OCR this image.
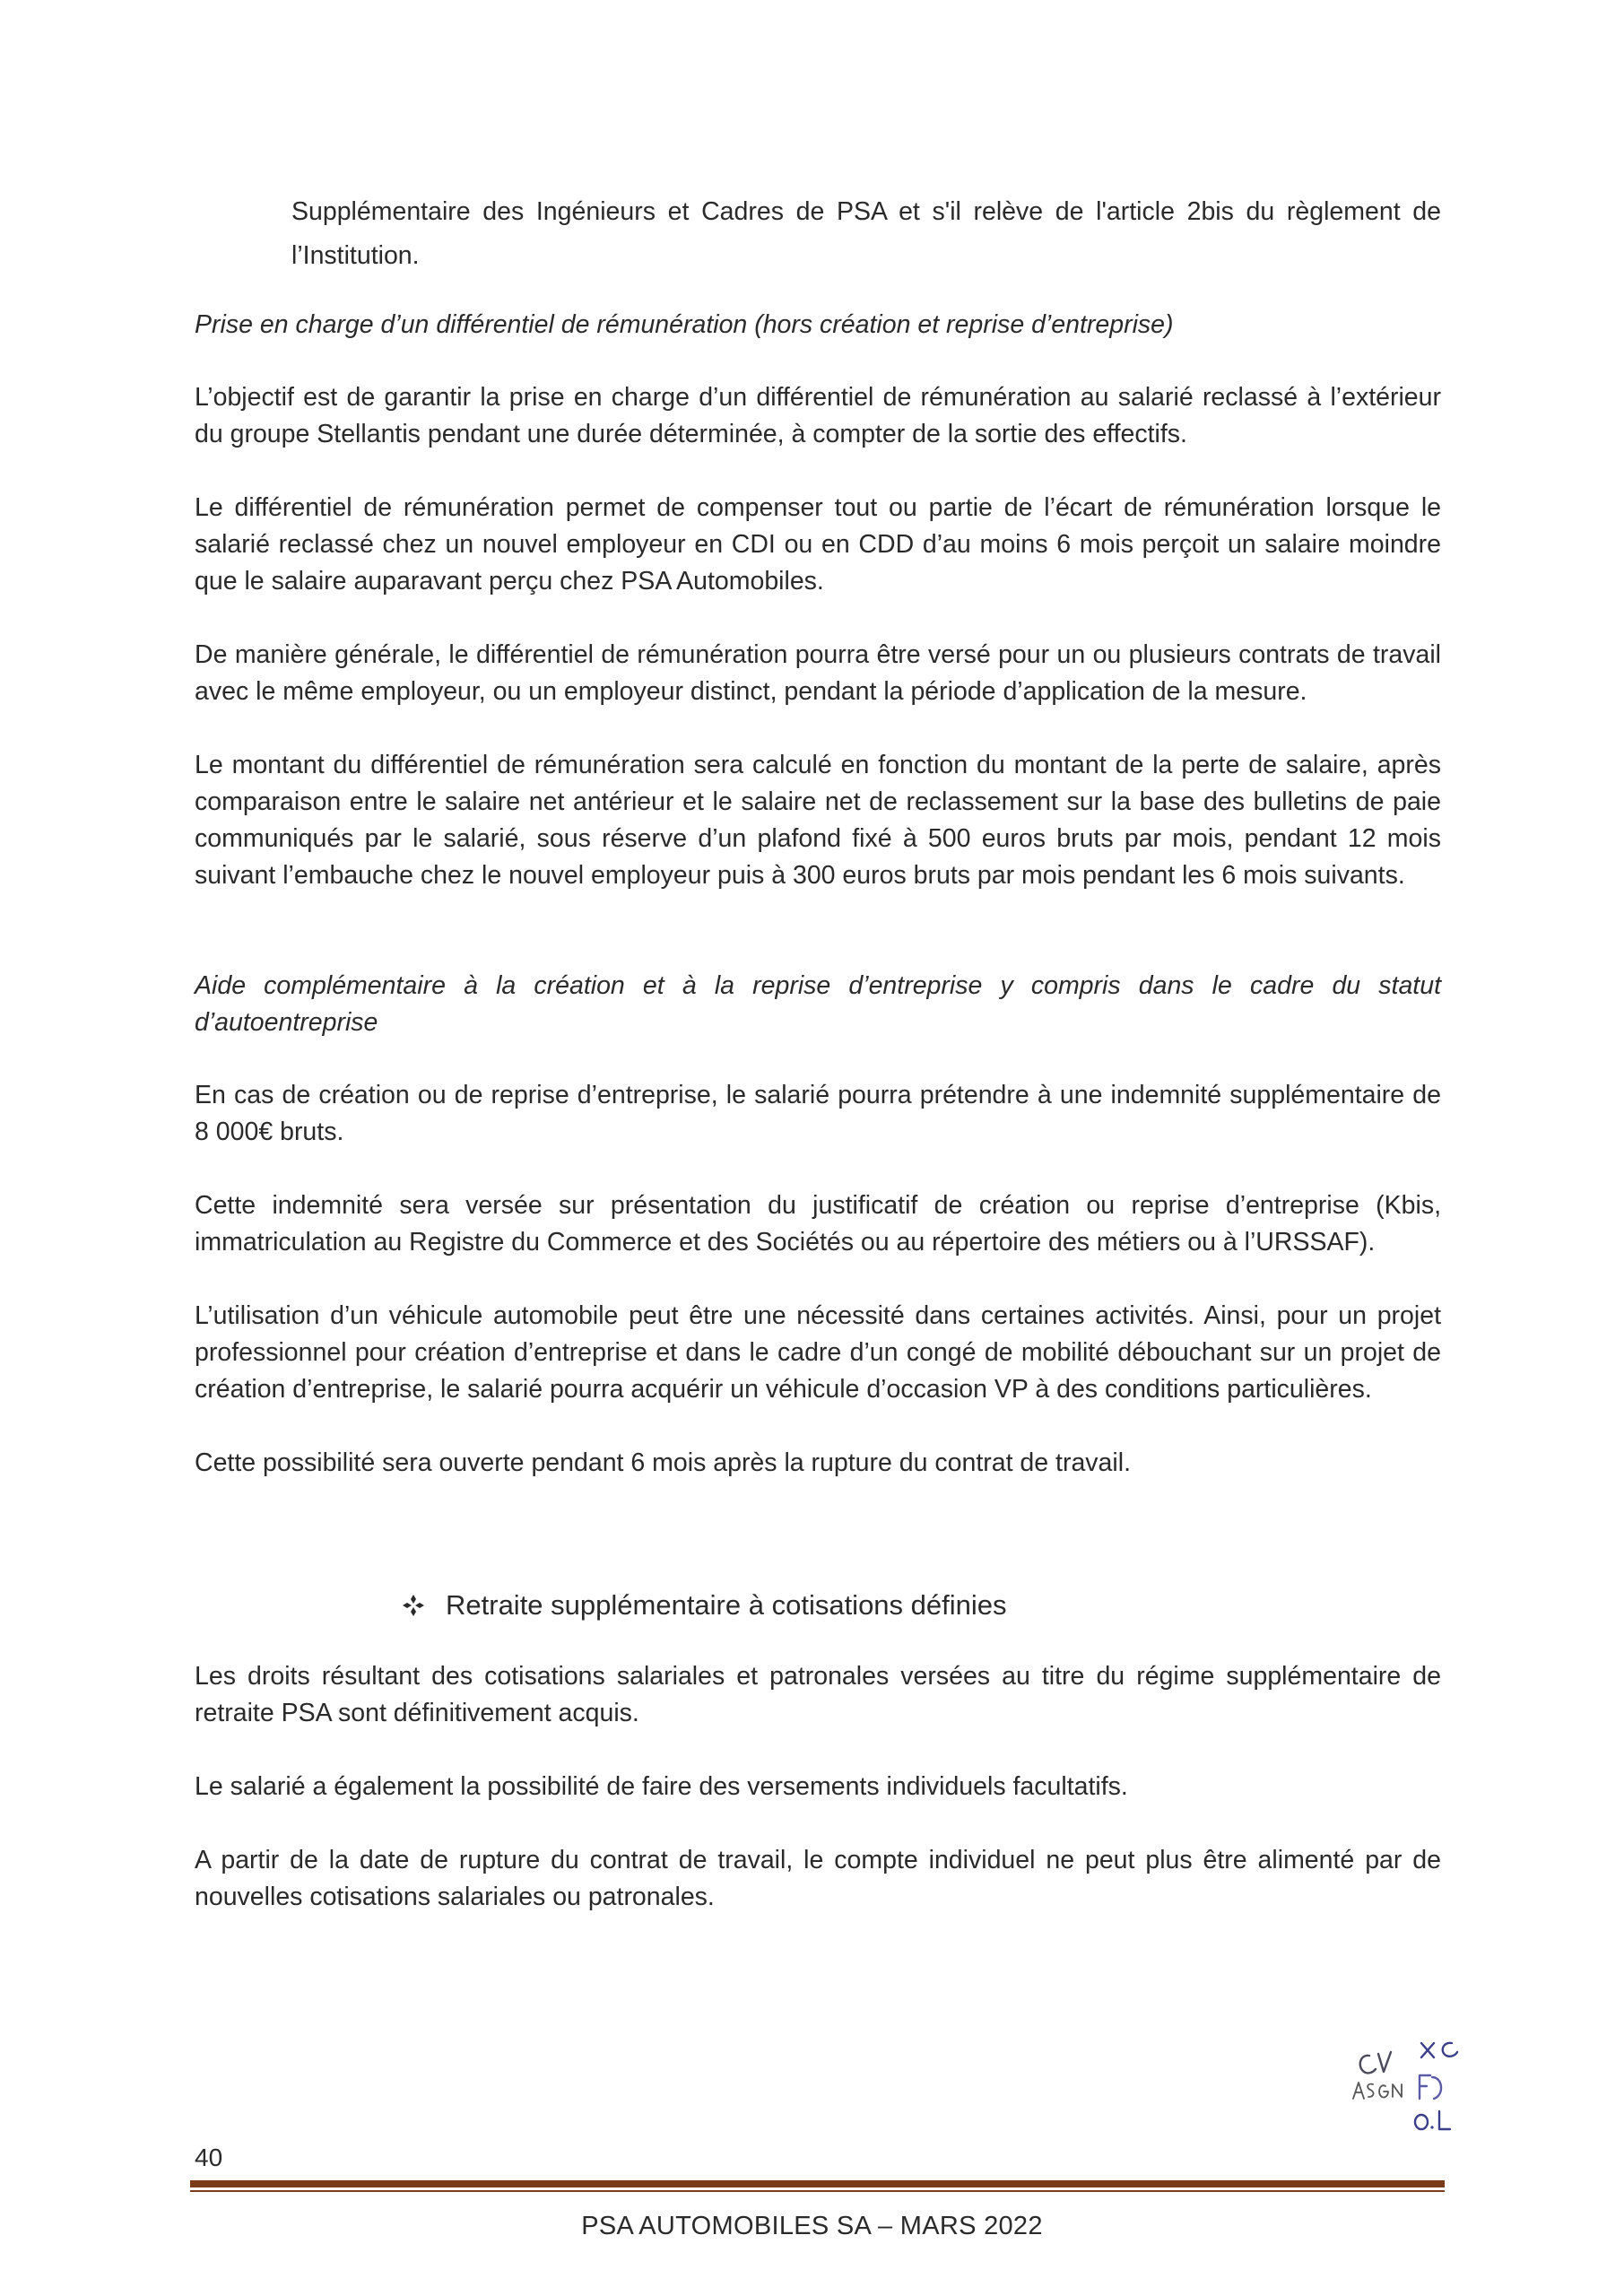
Supplémentaire des Ingénieurs et Cadres de PSA et s'il relève de l'article 2bis du règlement de l’Institution.

Prise en charge d’un différentiel de rémunération (hors création et reprise d’entreprise)

L’objectif est de garantir la prise en charge d’un différentiel de rémunération au salarié reclassé à l’extérieur du groupe Stellantis pendant une durée déterminée, à compter de la sortie des effectifs.

Le différentiel de rémunération permet de compenser tout ou partie de l’écart de rémunération lorsque le salarié reclassé chez un nouvel employeur en CDI ou en CDD d’au moins 6 mois perçoit un salaire moindre que le salaire auparavant perçu chez PSA Automobiles.

De manière générale, le différentiel de rémunération pourra être versé pour un ou plusieurs contrats de travail avec le même employeur, ou un employeur distinct, pendant la période d’application de la mesure.

Le montant du différentiel de rémunération sera calculé en fonction du montant de la perte de salaire, après comparaison entre le salaire net antérieur et le salaire net de reclassement sur la base des bulletins de paie communiqués par le salarié, sous réserve d’un plafond fixé à 500 euros bruts par mois, pendant 12 mois suivant l’embauche chez le nouvel employeur puis à 300 euros bruts par mois pendant les 6 mois suivants.

Aide complémentaire à la création et à la reprise d’entreprise y compris dans le cadre du statut d’autoentreprise

En cas de création ou de reprise d’entreprise, le salarié pourra prétendre à une indemnité supplémentaire de 8 000€ bruts.

Cette indemnité sera versée sur présentation du justificatif de création ou reprise d’entreprise (Kbis, immatriculation au Registre du Commerce et des Sociétés ou au répertoire des métiers ou à l’URSSAF).

L’utilisation d’un véhicule automobile peut être une nécessité dans certaines activités. Ainsi, pour un projet professionnel pour création d’entreprise et dans le cadre d’un congé de mobilité débouchant sur un projet de création d’entreprise, le salarié pourra acquérir un véhicule d’occasion VP à des conditions particulières.

Cette possibilité sera ouverte pendant 6 mois après la rupture du contrat de travail.

Retraite supplémentaire à cotisations définies

Les droits résultant des cotisations salariales et patronales versées au titre du régime supplémentaire de retraite PSA sont définitivement acquis.

Le salarié a également la possibilité de faire des versements individuels facultatifs.

A partir de la date de rupture du contrat de travail, le compte individuel ne peut plus être alimenté par de nouvelles cotisations salariales ou patronales.

40
PSA AUTOMOBILES SA – MARS 2022
